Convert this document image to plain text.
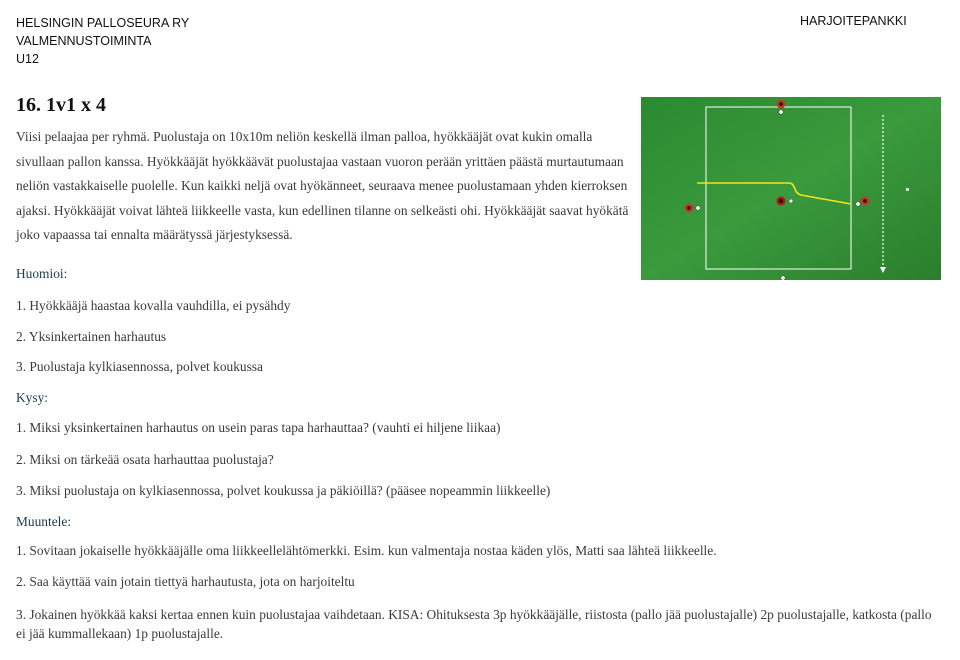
HELSINGIN PALLOSEURA RY
VALMENNUSTOIMINTA
U12
HARJOITEPANKKI
16. 1v1 x 4
Viisi pelaajaa per ryhmä. Puolustaja on 10x10m neliön keskellä ilman palloa, hyökkääjät ovat kukin omalla sivullaan pallon kanssa. Hyökkääjät hyökkäävät puolustajaa vastaan vuoron perään yrittäen päästä murtautumaan neliön vastakkaiselle puolelle. Kun kaikki neljä ovat hyökänneet, seuraava menee puolustamaan yhden kierroksen ajaksi. Hyökkääjät voivat lähteä liikkeelle vasta, kun edellinen tilanne on selkeästi ohi. Hyökkääjät saavat hyökätä joko vapaassa tai ennalta määrätyssä järjestyksessä.
Huomioi:
1. Hyökkääjä haastaa kovalla vauhdilla, ei pysähdy
2. Yksinkertainen harhautus
3. Puolustaja kylkiasennossa, polvet koukussa
Kysy:
1. Miksi yksinkertainen harhautus on usein paras tapa harhauttaa? (vauhti ei hiljene liikaa)
2. Miksi on tärkeää osata harhauttaa puolustaja?
3. Miksi puolustaja on kylkiasennossa, polvet koukussa ja päkiöillä? (pääsee nopeammin liikkeelle)
Muuntele:
1. Sovitaan jokaiselle hyökkääjälle oma liikkeellelähtömerkki. Esim. kun valmentaja nostaa käden ylös, Matti saa lähteä liikkeelle.
2. Saa käyttää vain jotain tiettyä harhautusta, jota on harjoiteltu
3. Jokainen hyökkää kaksi kertaa ennen kuin puolustajaa vaihdetaan. KISA: Ohituksesta 3p hyökkääjälle, riistosta (pallo jää puolustajalle) 2p puolustajalle, katkosta (pallo ei jää kummallekaan) 1p puolustajalle.
